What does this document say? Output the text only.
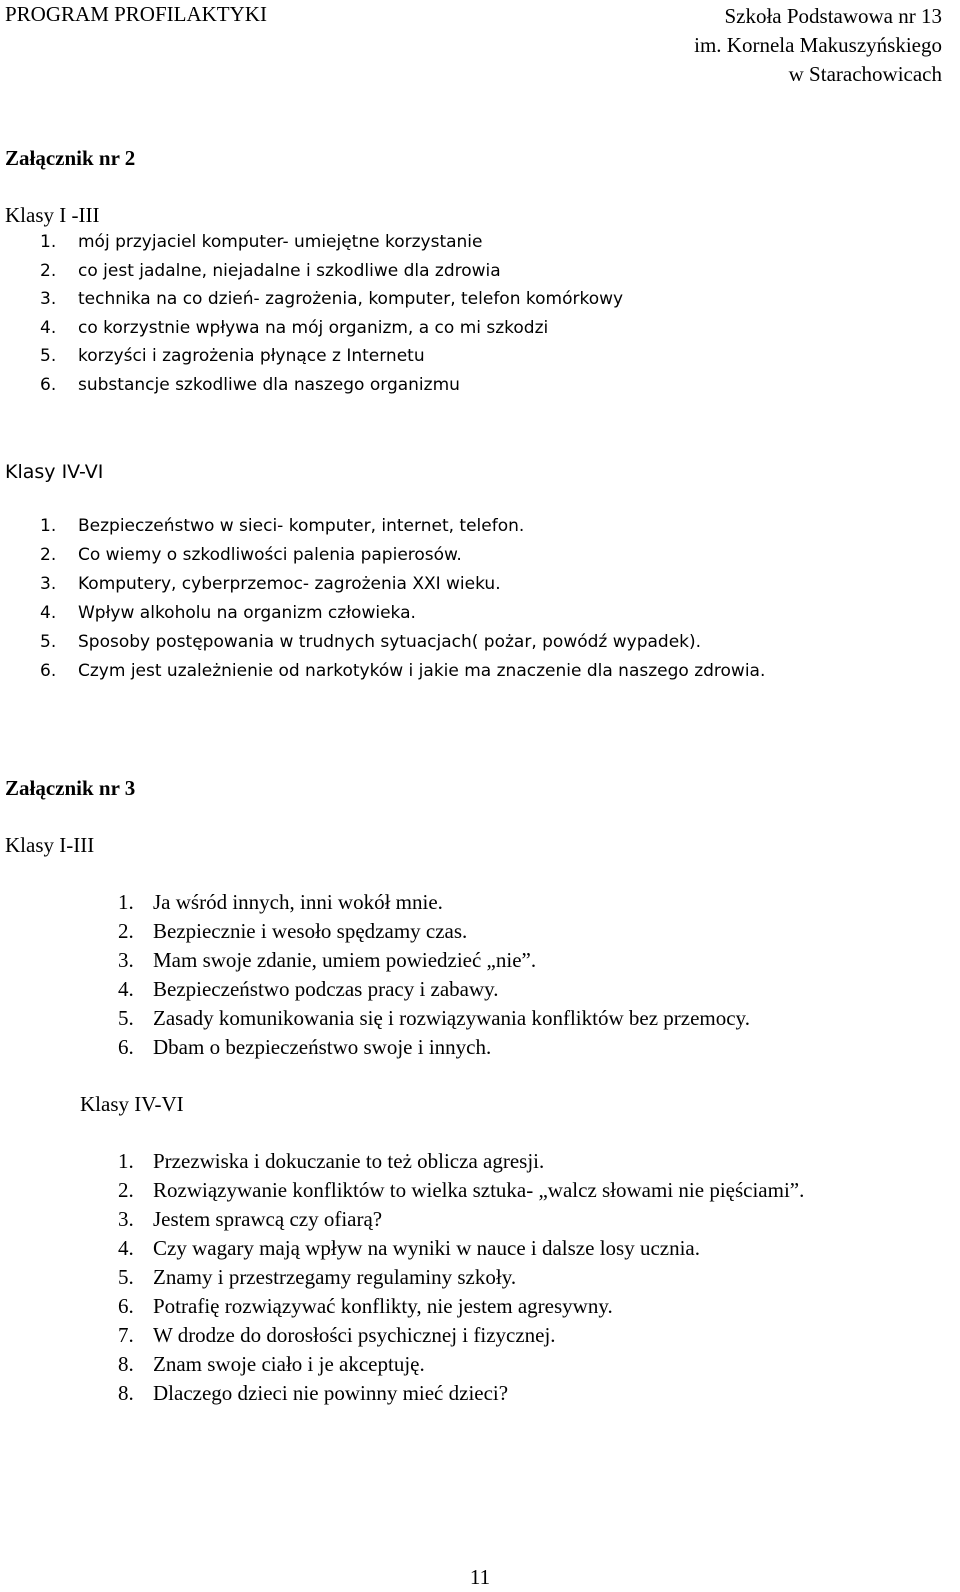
PROGRAM PROFILAKTYKI	Szkoła Podstawowa nr 13
im. Kornela Makuszyńskiego
w Starachowicach
Załącznik nr 2
Klasy I -III
1. mój przyjaciel komputer- umiejętne korzystanie
2. co jest jadalne, niejadalne i szkodliwe dla zdrowia
3. technika na co dzień- zagrożenia, komputer, telefon komórkowy
4. co korzystnie wpływa na mój organizm, a co mi szkodzi
5. korzyści i zagrożenia płynące z Internetu
6. substancje szkodliwe dla naszego organizmu
Klasy IV-VI
1. Bezpieczeństwo w sieci- komputer, internet, telefon.
2. Co wiemy o szkodliwości palenia papierosów.
3. Komputery, cyberprzemoc- zagrożenia XXI wieku.
4. Wpływ alkoholu na organizm człowieka.
5. Sposoby postępowania w trudnych sytuacjach( pożar, powódź wypadek).
6. Czym jest uzależnienie od narkotyków i jakie ma znaczenie dla naszego zdrowia.
Załącznik nr 3
Klasy I-III
1. Ja wśród innych, inni wokół mnie.
2. Bezpiecznie i wesoło spędzamy czas.
3. Mam swoje zdanie, umiem powiedzieć „nie”.
4. Bezpieczeństwo podczas pracy i zabawy.
5. Zasady komunikowania się i rozwiązywania konfliktów bez przemocy.
6. Dbam o bezpieczeństwo swoje i innych.
Klasy IV-VI
1. Przezwiska i dokuczanie to też oblicza agresji.
2. Rozwiązywanie konfliktów to wielka sztuka- „walcz słowami nie pięściami”.
3. Jestem sprawcą czy ofiarą?
4. Czy wagary mają wpływ na wyniki w nauce i dalsze losy ucznia.
5. Znamy i przestrzegamy regulaminy szkoły.
6. Potrafię rozwiązywać konflikty, nie jestem agresywny.
7. W drodze do dorosłości psychicznej i fizycznej.
8. Znam swoje ciało i je akceptuję.
8. Dlaczego dzieci nie powinny mieć dzieci?
11
